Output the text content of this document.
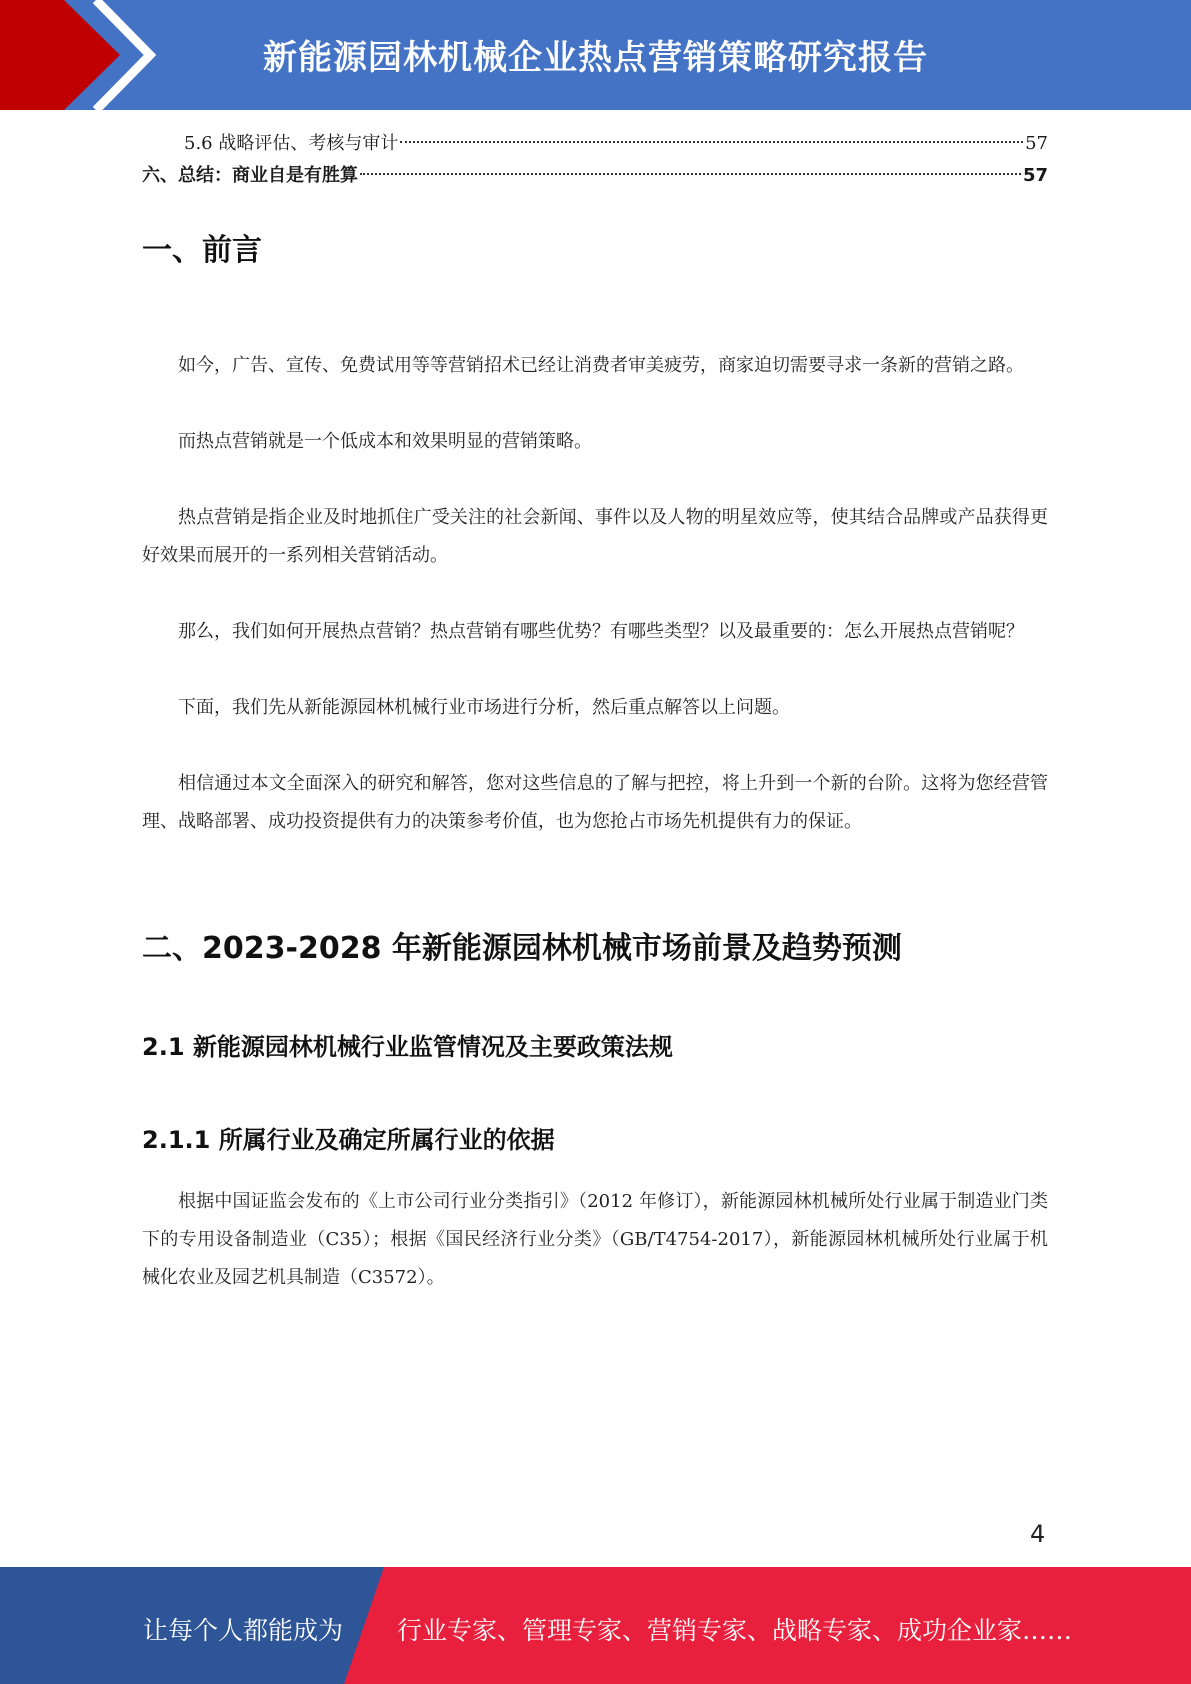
新能源园林机械企业热点营销策略研究报告
5.6 战略评估、考核与审计	57
六、总结：商业自是有胜算	57
一、前言

如今，广告、宣传、免费试用等等营销招术已经让消费者审美疲劳，商家迫切需要寻求一条新的营销之路。

而热点营销就是一个低成本和效果明显的营销策略。

热点营销是指企业及时地抓住广受关注的社会新闻、事件以及人物的明星效应等，使其结合品牌或产品获得更好效果而展开的一系列相关营销活动。

那么，我们如何开展热点营销？热点营销有哪些优势？有哪些类型？以及最重要的：怎么开展热点营销呢？

下面，我们先从新能源园林机械行业市场进行分析，然后重点解答以上问题。

相信通过本文全面深入的研究和解答，您对这些信息的了解与把控，将上升到一个新的台阶。这将为您经营管理、战略部署、成功投资提供有力的决策参考价值，也为您抢占市场先机提供有力的保证。

二、2023-2028 年新能源园林机械市场前景及趋势预测
2.1 新能源园林机械行业监管情况及主要政策法规
2.1.1 所属行业及确定所属行业的依据

根据中国证监会发布的《上市公司行业分类指引》（2012 年修订），新能源园林机械所处行业属于制造业门类下的专用设备制造业（C35）；根据《国民经济行业分类》（GB/T4754-2017），新能源园林机械所处行业属于机械化农业及园艺机具制造（C3572）。

4
让每个人都能成为 行业专家、管理专家、营销专家、战略专家、成功企业家……
